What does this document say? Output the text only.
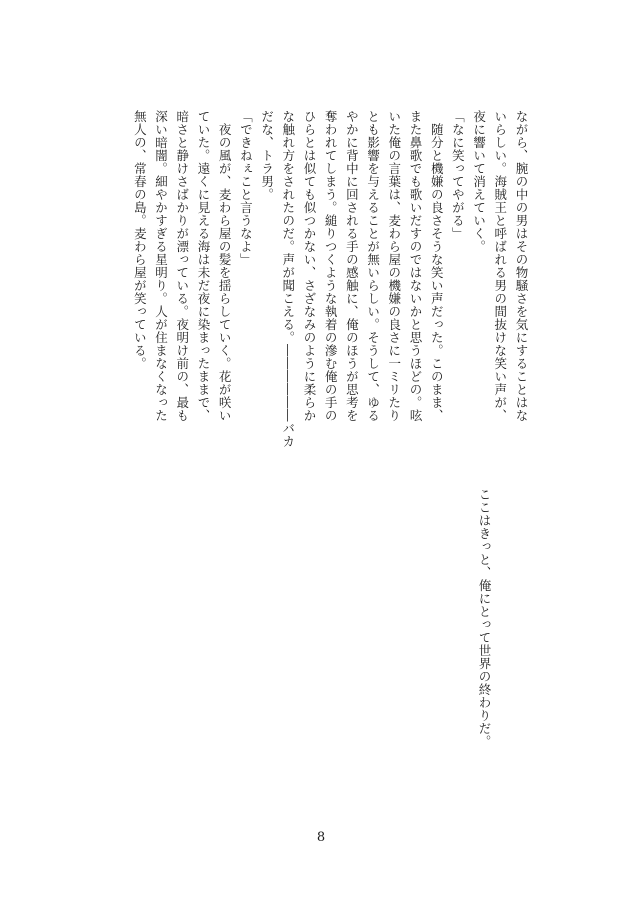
ながら、腕の中の男はその物騒さを気にすることはな
いらしい。海賊王と呼ばれる男の間抜けな笑い声が、
夜に響いて消えていく。
「なに笑ってやがる」
　随分と機嫌の良さそうな笑い声だった。このまま、
また鼻歌でも歌いだすのではないかと思うほどの。呟
いた俺の言葉は、麦わら屋の機嫌の良さに一ミリたり
とも影響を与えることが無いらしい。そうして、ゆる
やかに背中に回される手の感触に、俺のほうが思考を
奪われてしまう。縋りつくような執着の滲む俺の手の
ひらとは似ても似つかない、さざなみのように柔らか
な触れ方をされたのだ。声が聞こえる。――――――バカ
だな、トラ男。
「できねぇこと言うなよ」
　夜の風が、麦わら屋の髪を揺らしていく。花が咲い
ていた。遠くに見える海は未だ夜に染まったままで、
暗さと静けさばかりが漂っている。夜明け前の、最も
深い暗闇。細やかすぎる星明り。人が住まなくなった
無人の、常春の島。麦わら屋が笑っている。
ここはきっと、俺にとって世界の終わりだ。
8
